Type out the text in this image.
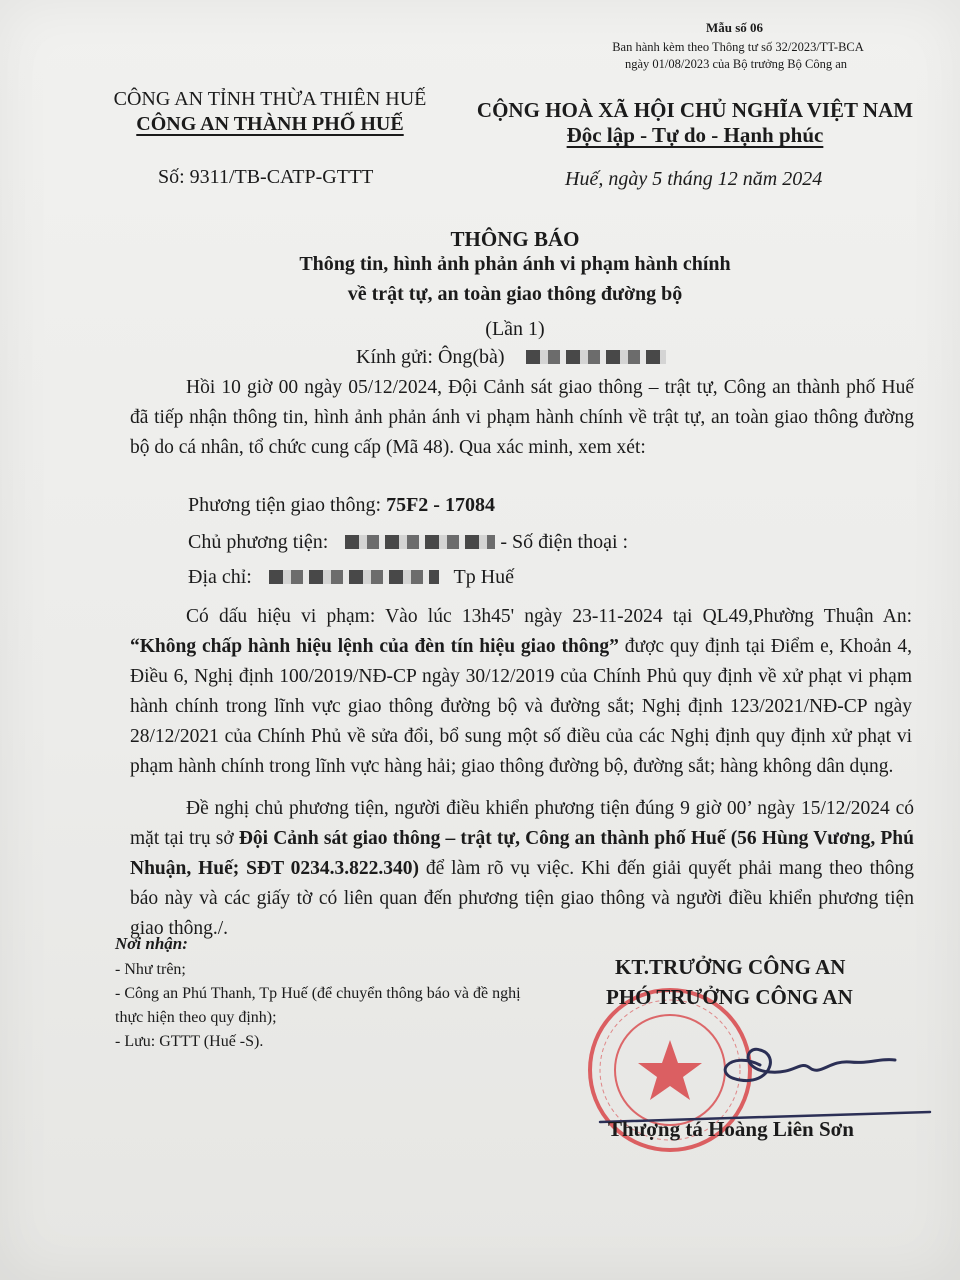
Mẫu số 06
Ban hành kèm theo Thông tư số 32/2023/TT-BCA
ngày 01/08/2023 của Bộ trưởng Bộ Công an
CÔNG AN TỈNH THỪA THIÊN HUẾ
CÔNG AN THÀNH PHỐ HUẾ
Số: 9311/TB-CATP-GTTT
CỘNG HOÀ XÃ HỘI CHỦ NGHĨA VIỆT NAM
Độc lập - Tự do - Hạnh phúc
Huế, ngày 5 tháng 12 năm 2024
THÔNG BÁO
Thông tin, hình ảnh phản ánh vi phạm hành chính
về trật tự, an toàn giao thông đường bộ
(Lần 1)
Kính gửi: Ông(bà)
Hồi 10 giờ 00 ngày 05/12/2024, Đội Cảnh sát giao thông – trật tự, Công an thành phố Huế đã tiếp nhận thông tin, hình ảnh phản ánh vi phạm hành chính về trật tự, an toàn giao thông đường bộ do cá nhân, tổ chức cung cấp (Mã 48). Qua xác minh, xem xét:
Phương tiện giao thông: 75F2 - 17084
Chủ phương tiện:	- Số điện thoại :
Địa chỉ:	Tp Huế
Có dấu hiệu vi phạm: Vào lúc 13h45' ngày 23-11-2024 tại QL49,Phường Thuận An: “Không chấp hành hiệu lệnh của đèn tín hiệu giao thông” được quy định tại Điểm e, Khoản 4, Điều 6, Nghị định 100/2019/NĐ-CP ngày 30/12/2019 của Chính Phủ quy định về xử phạt vi phạm hành chính trong lĩnh vực giao thông đường bộ và đường sắt; Nghị định 123/2021/NĐ-CP ngày 28/12/2021 của Chính Phủ về sửa đổi, bổ sung một số điều của các Nghị định quy định xử phạt vi phạm hành chính trong lĩnh vực hàng hải; giao thông đường bộ, đường sắt; hàng không dân dụng.
Đề nghị chủ phương tiện, người điều khiển phương tiện đúng 9 giờ 00’ ngày 15/12/2024 có mặt tại trụ sở Đội Cảnh sát giao thông – trật tự, Công an thành phố Huế (56 Hùng Vương, Phú Nhuận, Huế; SĐT 0234.3.822.340) để làm rõ vụ việc. Khi đến giải quyết phải mang theo thông báo này và các giấy tờ có liên quan đến phương tiện giao thông và người điều khiển phương tiện giao thông./.
Nơi nhận:
- Như trên;
- Công an Phú Thanh, Tp Huế (để chuyển thông báo và đề nghị thực hiện theo quy định);
- Lưu: GTTT (Huế -S).
KT.TRƯỞNG CÔNG AN
PHÓ TRƯỞNG CÔNG AN
Thượng tá Hoàng Liên Sơn
